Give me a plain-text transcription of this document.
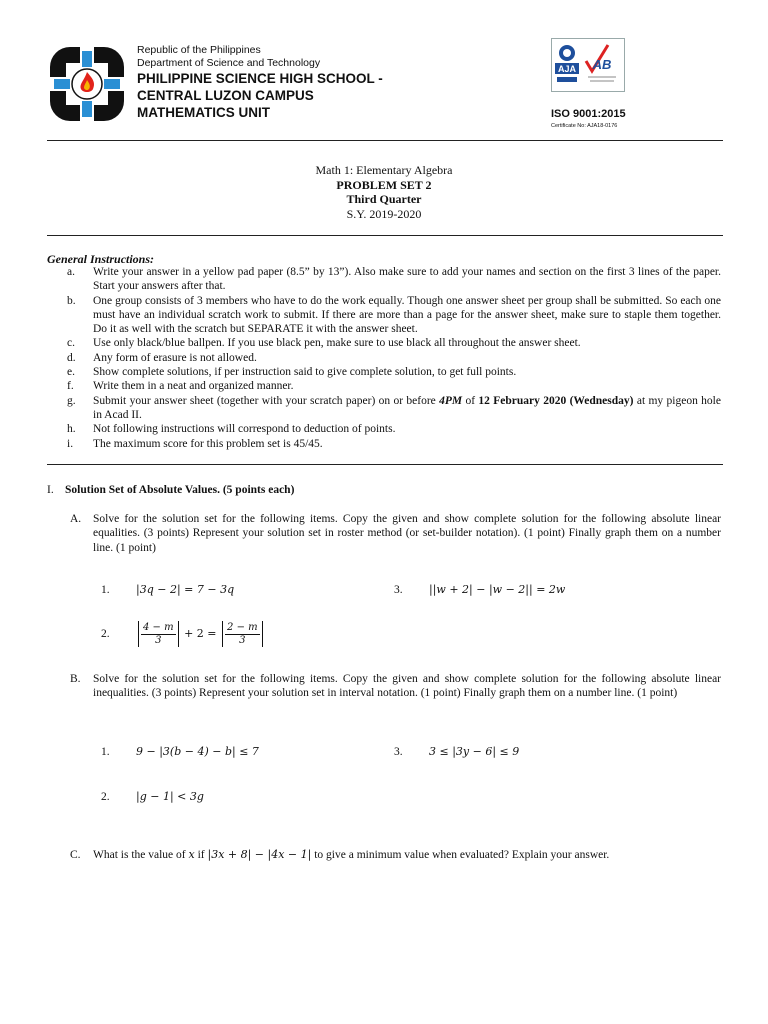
Republic of the Philippines
Department of Science and Technology
PHILIPPINE SCIENCE HIGH SCHOOL -
CENTRAL LUZON CAMPUS
MATHEMATICS UNIT
AJA AB
ISO 9001:2015
Certificate No: AJA18-0176
Math 1: Elementary Algebra
PROBLEM SET 2
Third Quarter
S.Y. 2019-2020
General Instructions:
a.	Write your answer in a yellow pad paper (8.5” by 13”). Also make sure to add your names and section on the first 3 lines of the paper. Start your answers after that.
b.	One group consists of 3 members who have to do the work equally. Though one answer sheet per group shall be submitted. So each one must have an individual scratch work to submit. If there are more than a page for the answer sheet, make sure to staple them together. Do it as well with the scratch but SEPARATE it with the answer sheet.
c.	Use only black/blue ballpen. If you use black pen, make sure to use black all throughout the answer sheet.
d.	Any form of erasure is not allowed.
e.	Show complete solutions, if per instruction said to give complete solution, to get full points.
f.	Write them in a neat and organized manner.
g.	Submit your answer sheet (together with your scratch paper) on or before 4PM of 12 February 2020 (Wednesday) at my pigeon hole in Acad II.
h.	Not following instructions will correspond to deduction of points.
i.	The maximum score for this problem set is 45/45.
I. Solution Set of Absolute Values. (5 points each)
A.	Solve for the solution set for the following items. Copy the given and show complete solution for the following absolute linear equalities. (3 points) Represent your solution set in roster method (or set-builder notation). (1 point) Finally graph them on a number line. (1 point)
1.	|3q − 2| = 7 − 3q	3.	||w + 2| − |w − 2|| = 2w
2.	$\frac{4 - m}{3} + 2 = \frac{2 - m}{3}$
B.	Solve for the solution set for the following items. Copy the given and show complete solution for the following absolute linear inequalities. (3 points) Represent your solution set in interval notation. (1 point) Finally graph them on a number line. (1 point)
1.	9 − |3(b − 4) − b| ≤ 7	3.	3 ≤ |3y − 6| ≤ 9
2.	|g − 1| < 3g
C.	What is the value of x if |3x + 8| − |4x − 1| to give a minimum value when evaluated? Explain your answer.
